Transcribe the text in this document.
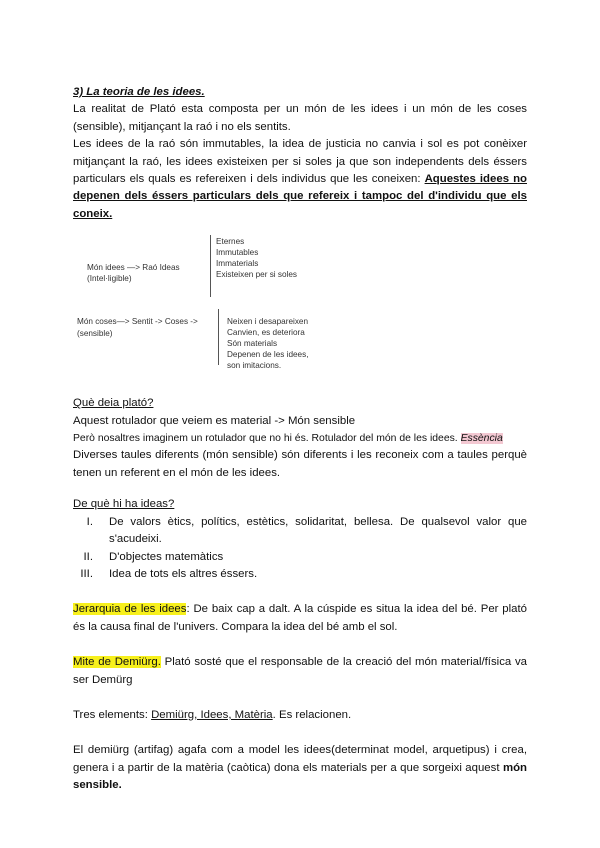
3) La teoria de les idees.

La realitat de Plató esta composta per un món de les idees i un món de les coses (sensible), mitjançant la raó i no els sentits.

Les idees de la raó són immutables, la idea de justicia no canvia i sol es pot conèixer mitjançant la raó, les idees existeixen per si soles ja que son independents dels éssers particulars els quals es refereixen i dels individus que les coneixen: Aquestes idees no depenen dels éssers particulars dels que refereix i tampoc del d'individu que els coneix.

Món idees —> Raó Ideas
(Intel·ligible)
Eternes
Immutables
Immaterials
Existeixen per si soles
Món coses—> Sentit -> Coses ->
(sensible)
Neixen i desapareixen
Canvien, es deteriora
Són materials
Depenen de les idees,
son imitacions.

Què deia plató?

Aquest rotulador que veiem es material -> Món sensible

Però nosaltres imaginem un rotulador que no hi és. Rotulador del món de les idees. Essència

Diverses taules diferents (món sensible) són diferents i les reconeix com a taules perquè tenen un referent en el món de les idees.

De què hi ha ideas?

I. De valors ètics, polítics, estètics, solidaritat, bellesa. De qualsevol valor que s'acudeixi.
II. D'objectes matemàtics
III. Idea de tots els altres éssers.

Jerarquia de les idees: De baix cap a dalt. A la cúspide es situa la idea del bé. Per plató és la causa final de l'univers. Compara la idea del bé amb el sol.

Mite de Demiürg. Plató sosté que el responsable de la creació del món material/física va ser Demürg

Tres elements: Demiürg, Idees, Matèria. Es relacionen.

El demiürg (artifag) agafa com a model les idees(determinat model, arquetipus) i crea, genera i a partir de la matèria (caòtica) dona els materials per a que sorgeixi aquest món sensible.
